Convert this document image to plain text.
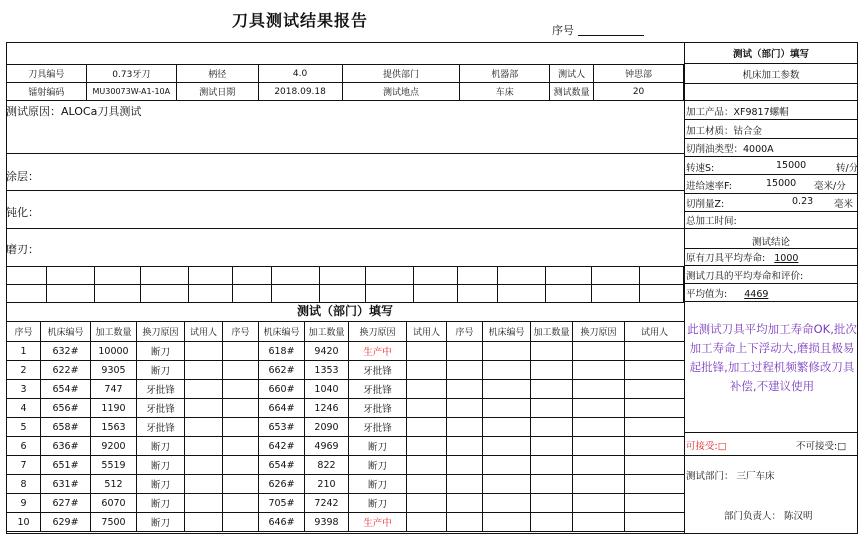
刀具测试结果报告
序号
刀具编号	0.73牙刀	柄径	4.0	提供部门	机器部	测试人	钟思部
镭射编码	MU30073W-A1-10A	测试日期	2018.09.18	测试地点	车床	测试数量	20
测试原因：ALOCa刀具测试
涂层：
钝化：
磨刃：

测试（部门）填写
序号	机床编号	加工数量	换刀原因	试用人	序号	机床编号	加工数量	换刀原因	试用人	序号	机床编号	加工数量	换刀原因	试用人
1	632#	10000	断刀			618#	9420	生产中						
2	622#	9305	断刀			662#	1353	牙批锋						
3	654#	747	牙批锋			660#	1040	牙批锋						
4	656#	1190	牙批锋			664#	1246	牙批锋						
5	658#	1563	牙批锋			653#	2090	牙批锋						
6	636#	9200	断刀			642#	4969	断刀						
7	651#	5519	断刀			654#	822	断刀						
8	631#	512	断刀			626#	210	断刀						
9	627#	6070	断刀			705#	7242	断刀						
10	629#	7500	断刀			646#	9398	生产中						
测试（部门）填写
机床加工参数
加工产品：XF9817螺帽
加工材质：钴合金
切削油类型：4000A
转速S:	15000	转/分
进给速率F:	15000 毫米/分
切削量Z:	0.23 毫米
总加工时间:
测试结论
原有刀具平均寿命: 1000
测试刀具的平均寿命和评价:
平均值为: 4469
此测试刀具平均加工寿命OK,批次加工寿命上下浮动大,磨损且极易起批锋,加工过程机频繁修改刀具补偿,不建议使用
可接受:□	不可接受:□
测试部门： 三厂车床
部门负责人： 陈汉明
